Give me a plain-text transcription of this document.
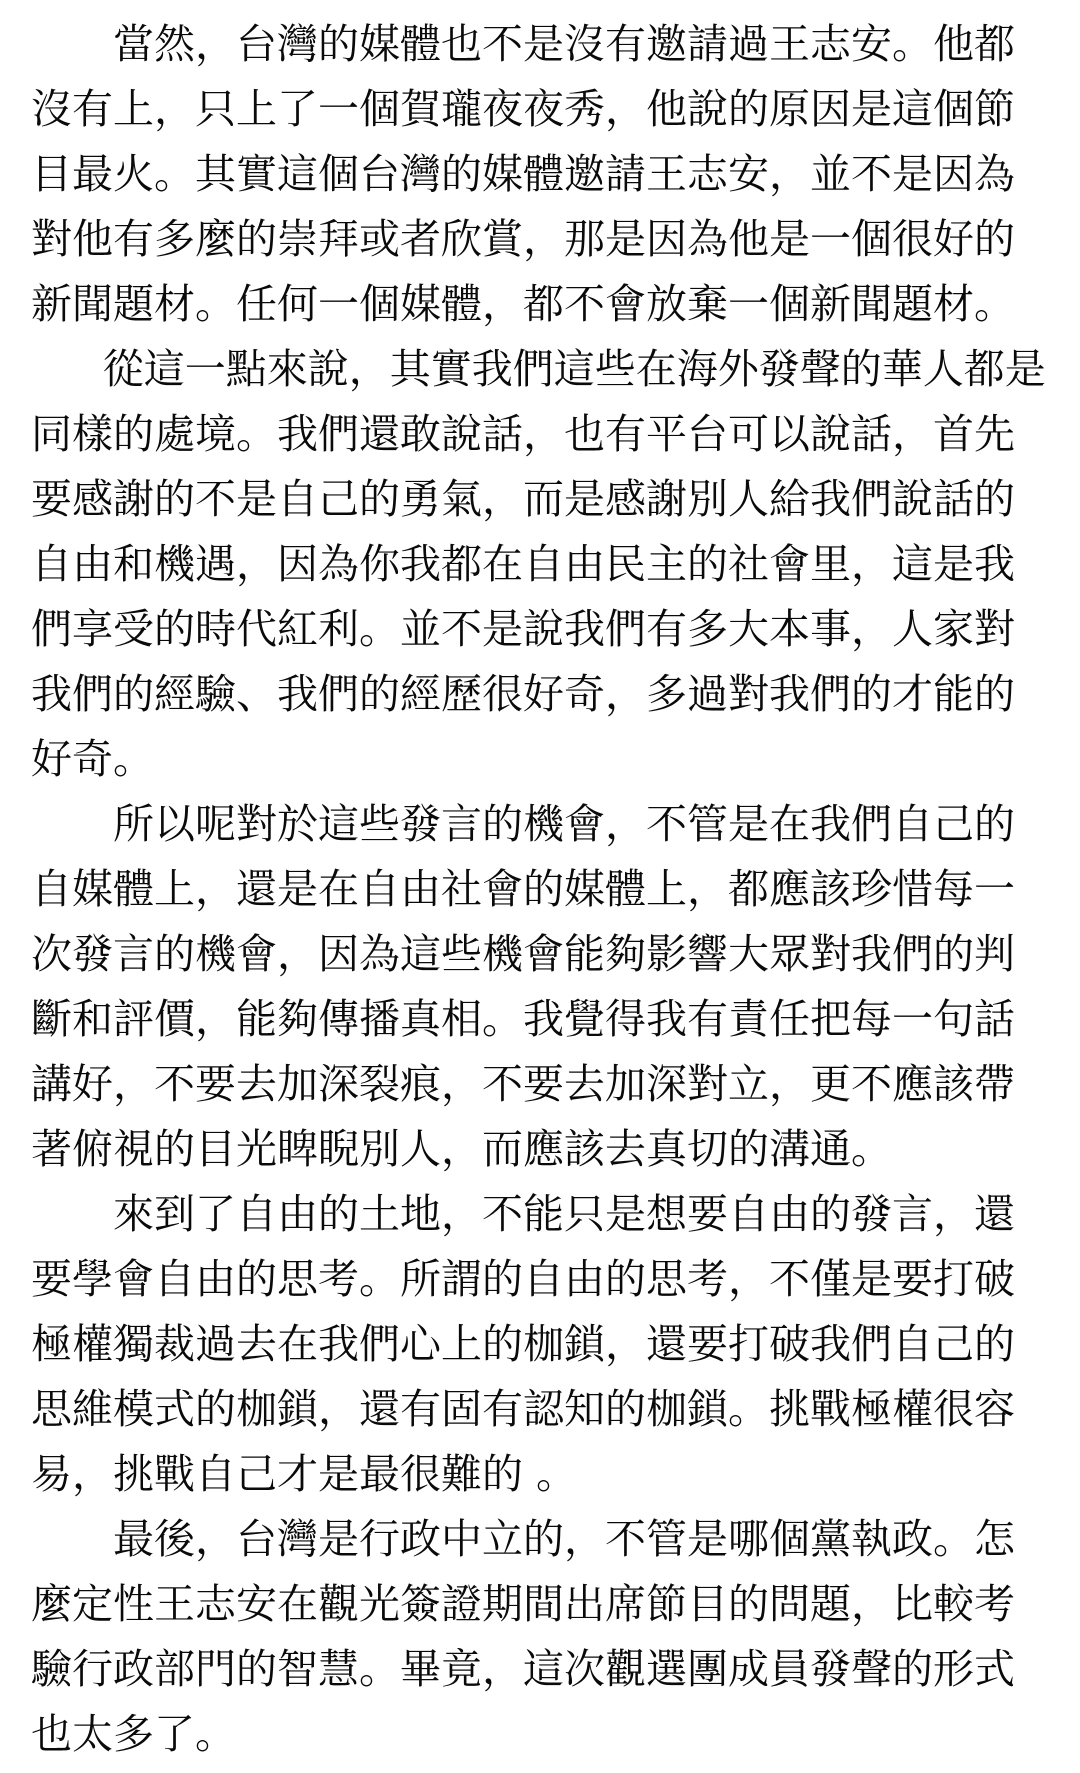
當然，台灣的媒體也不是沒有邀請過王志安。他都沒有上，只上了一個賀瓏夜夜秀，他說的原因是這個節目最火。其實這個台灣的媒體邀請王志安，並不是因為對他有多麼的崇拜或者欣賞，那是因為他是一個很好的新聞題材。任何一個媒體，都不會放棄一個新聞題材。

從這一點來說，其實我們這些在海外發聲的華人都是同樣的處境。我們還敢說話，也有平台可以說話，首先要感謝的不是自己的勇氣，而是感謝別人給我們說話的自由和機遇，因為你我都在自由民主的社會里，這是我們享受的時代紅利。並不是說我們有多大本事，人家對我們的經驗、我們的經歷很好奇，多過對我們的才能的好奇。

所以呢對於這些發言的機會，不管是在我們自己的自媒體上，還是在自由社會的媒體上，都應該珍惜每一次發言的機會，因為這些機會能夠影響大眾對我們的判斷和評價，能夠傳播真相。我覺得我有責任把每一句話講好，不要去加深裂痕，不要去加深對立，更不應該帶著俯視的目光睥睨別人，而應該去真切的溝通。

來到了自由的土地，不能只是想要自由的發言，還要學會自由的思考。所謂的自由的思考，不僅是要打破極權獨裁過去在我們心上的枷鎖，還要打破我們自己的思維模式的枷鎖，還有固有認知的枷鎖。挑戰極權很容易，挑戰自己才是最很難的 。

最後，台灣是行政中立的，不管是哪個黨執政。怎麼定性王志安在觀光簽證期間出席節目的問題，比較考驗行政部門的智慧。畢竟，這次觀選團成員發聲的形式也太多了。
